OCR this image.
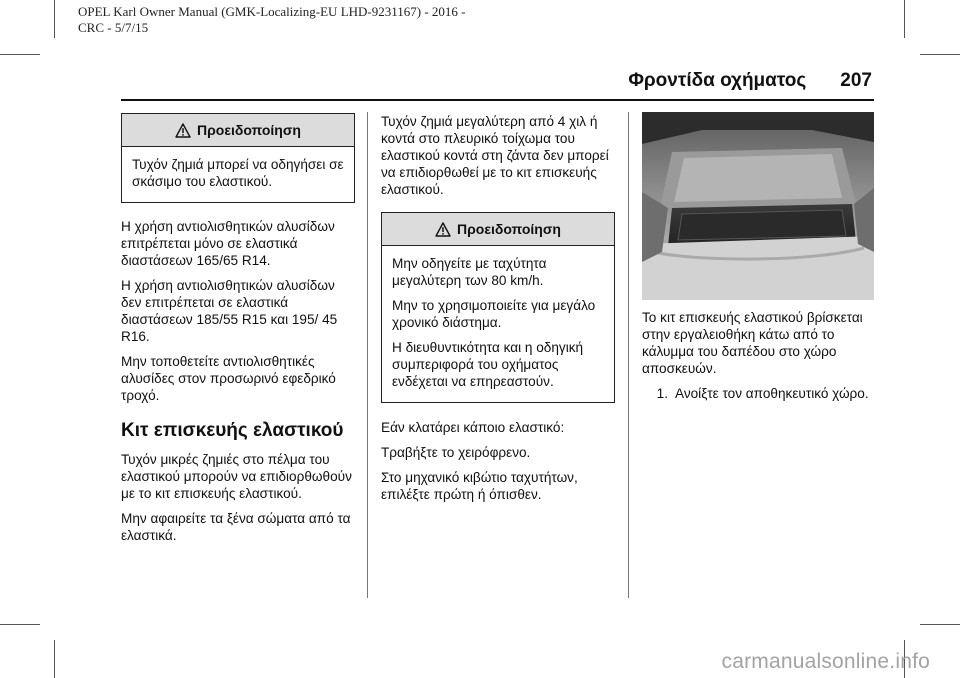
OPEL Karl Owner Manual (GMK-Localizing-EU LHD-9231167) - 2016 -
CRC - 5/7/15
Φροντίδα οχήματος 207
Προειδοποίηση

Τυχόν ζημιά μπορεί να οδηγήσει σε σκάσιμο του ελαστικού.

Η χρήση αντιολισθητικών αλυσίδων επιτρέπεται μόνο σε ελαστικά διαστάσεων 165/65 R14.

Η χρήση αντιολισθητικών αλυσίδων δεν επιτρέπεται σε ελαστικά διαστάσεων 185/55 R15 και 195/ 45 R16.

Μην τοποθετείτε αντιολισθητικές αλυσίδες στον προσωρινό εφεδρικό τροχό.

Κιτ επισκευής ελαστικού

Τυχόν μικρές ζημιές στο πέλμα του ελαστικού μπορούν να επιδιορθωθούν με το κιτ επισκευής ελαστικού.

Μην αφαιρείτε τα ξένα σώματα από τα ελαστικά.

Τυχόν ζημιά μεγαλύτερη από 4 χιλ ή κοντά στο πλευρικό τοίχωμα του ελαστικού κοντά στη ζάντα δεν μπορεί να επιδιορθωθεί με το κιτ επισκευής ελαστικού.

Προειδοποίηση

Μην οδηγείτε με ταχύτητα μεγαλύτερη των 80 km/h.

Μην το χρησιμοποιείτε για μεγάλο χρονικό διάστημα.

Η διευθυντικότητα και η οδηγική συμπεριφορά του οχήματος ενδέχεται να επηρεαστούν.

Εάν κλατάρει κάποιο ελαστικό:

Τραβήξτε το χειρόφρενο.

Στο μηχανικό κιβώτιο ταχυτήτων, επιλέξτε πρώτη ή όπισθεν.

Το κιτ επισκευής ελαστικού βρίσκεται στην εργαλειοθήκη κάτω από το κάλυμμα του δαπέδου στο χώρο αποσκευών.

1. Ανοίξτε τον αποθηκευτικό χώρο.
carmanualsonline.info
